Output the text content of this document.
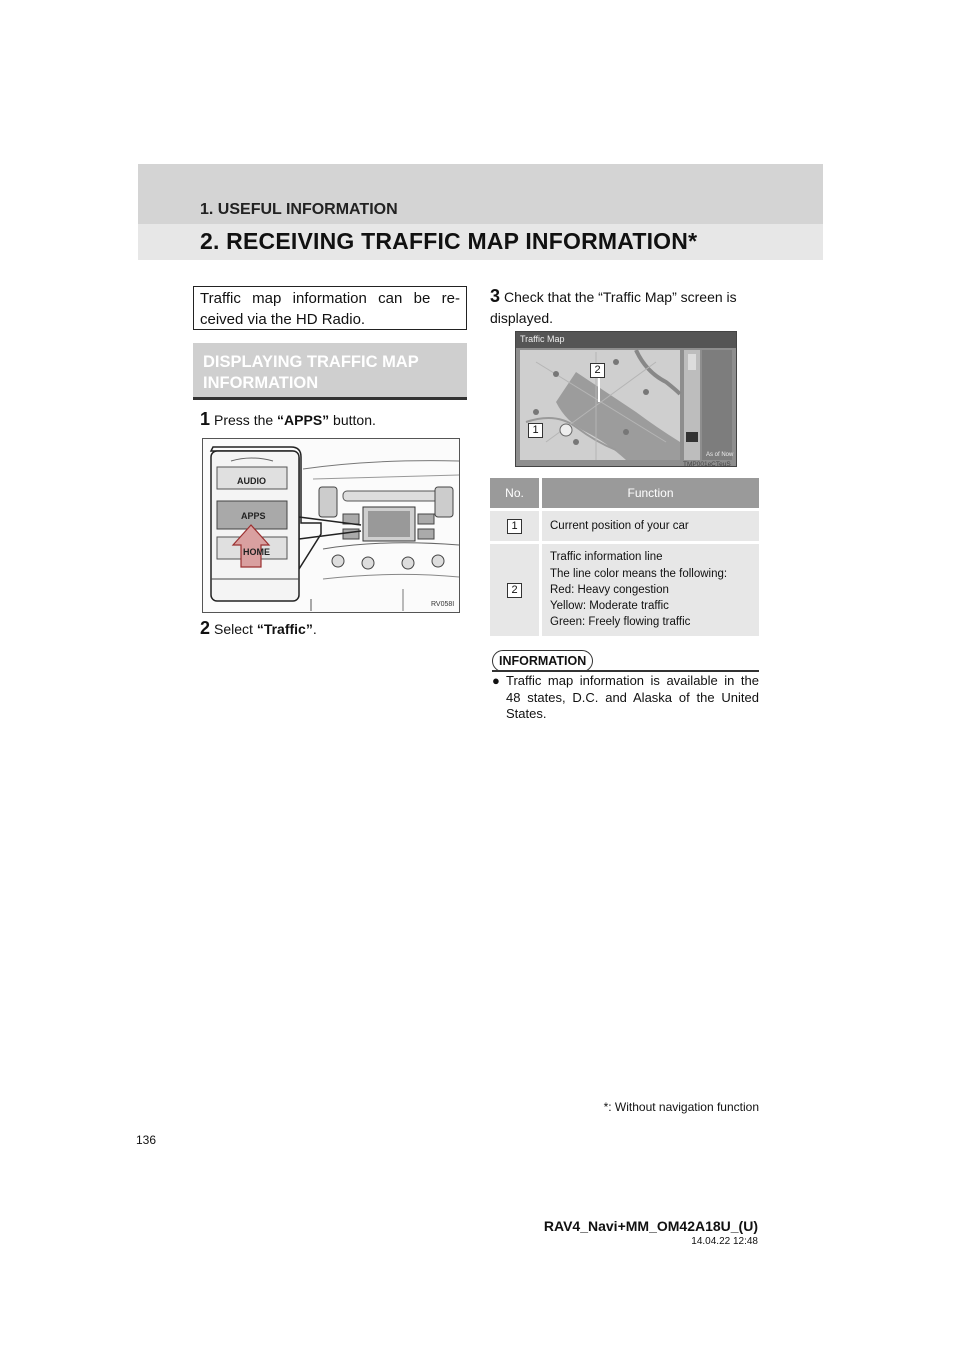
1. USEFUL INFORMATION
2. RECEIVING TRAFFIC MAP INFORMATION*
Traffic map information can be re-ceived via the HD Radio.
DISPLAYING TRAFFIC MAP
INFORMATION
1 Press the “APPS” button.
AUDIO
APPS
HOME
RV058I
2 Select “Traffic”.
3 Check that the “Traffic Map” screen is displayed.
Traffic Map
As of Now
2
1
TMP001eCTeuS
No.	Function
1	Current position of your car
2	Traffic information line
The line color means the following:
Red: Heavy congestion
Yellow: Moderate traffic
Green: Freely flowing traffic
INFORMATION
● Traffic map information is available in the 48 states, D.C. and Alaska of the United States.
*: Without navigation function
136
RAV4_Navi+MM_OM42A18U_(U)
14.04.22 12:48
